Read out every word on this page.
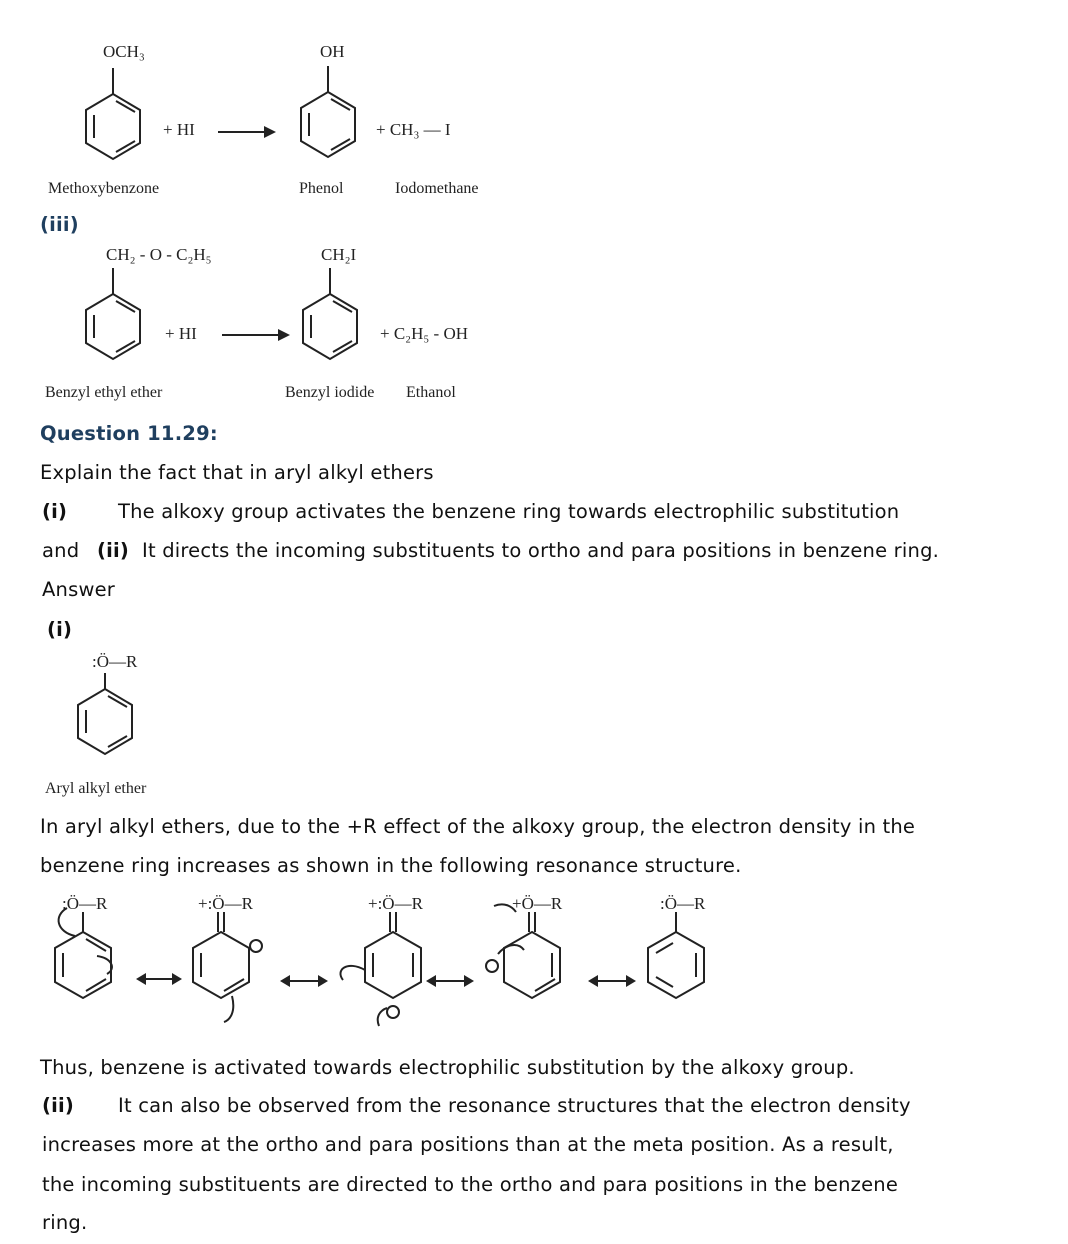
OCH₃
+ HI
OH
+ CH₃ — I
Methoxybenzone	Phenol	Iodomethane
(iii)
CH₂ - O - C₂H₅
+ HI
CH₂I
+ C₂H₅ - OH
Benzyl ethyl ether	Benzyl iodide Ethanol
Question 11.29:
Explain the fact that in aryl alkyl ethers
(i)	The alkoxy group activates the benzene ring towards electrophilic substitution
and (ii) It directs the incoming substituents to ortho and para positions in benzene ring.
Answer
(i)
:Ö—R
Aryl alkyl ether
In aryl alkyl ethers, due to the +R effect of the alkoxy group, the electron density in the
benzene ring increases as shown in the following resonance structure.
:Ö—R	+:Ö—R	+:Ö—R	+Ö—R	:Ö—R
Thus, benzene is activated towards electrophilic substitution by the alkoxy group.
(ii) It can also be observed from the resonance structures that the electron density
increases more at the ortho and para positions than at the meta position. As a result,
the incoming substituents are directed to the ortho and para positions in the benzene
ring.
